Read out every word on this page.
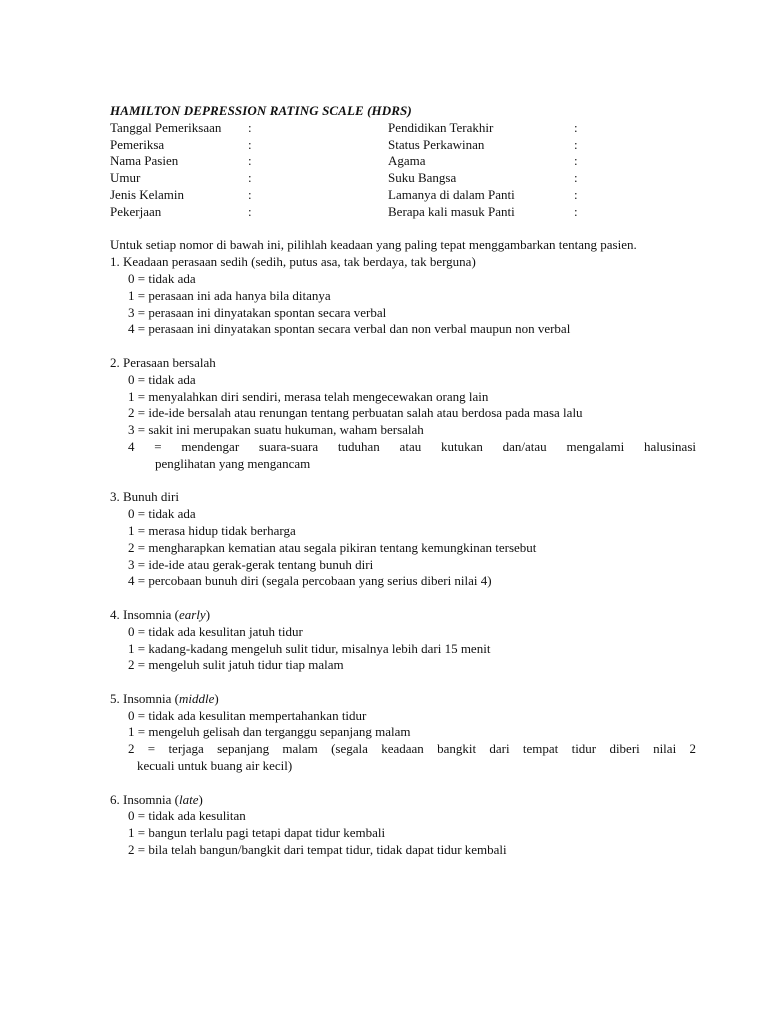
HAMILTON DEPRESSION RATING SCALE (HDRS)
Tanggal Pemeriksaan	:	Pendidikan Terakhir	:
Pemeriksa	:	Status Perkawinan	:
Nama Pasien	:	Agama	:
Umur	:	Suku Bangsa	:
Jenis Kelamin	:	Lamanya di dalam Panti	:
Pekerjaan	:	Berapa kali masuk Panti	:
Untuk setiap nomor di bawah ini, pilihlah keadaan yang paling tepat menggambarkan tentang pasien.
1. Keadaan perasaan sedih (sedih, putus asa, tak berdaya, tak berguna)
0 = tidak ada
1 = perasaan ini ada hanya bila ditanya
3 = perasaan ini dinyatakan spontan secara verbal
4 = perasaan ini dinyatakan spontan secara verbal dan non verbal maupun non verbal
2. Perasaan bersalah
0 = tidak ada
1 = menyalahkan diri sendiri, merasa telah mengecewakan orang lain
2 = ide-ide bersalah atau renungan tentang perbuatan salah atau berdosa pada masa lalu
3 = sakit ini merupakan suatu hukuman, waham bersalah
4 = mendengar suara-suara tuduhan atau kutukan dan/atau mengalami halusinasi
penglihatan yang mengancam
3. Bunuh diri
0 = tidak ada
1 = merasa hidup tidak berharga
2 = mengharapkan kematian atau segala pikiran tentang kemungkinan tersebut
3 = ide-ide atau gerak-gerak tentang bunuh diri
4 = percobaan bunuh diri (segala percobaan yang serius diberi nilai 4)
4. Insomnia (early)
0 = tidak ada kesulitan jatuh tidur
1 = kadang-kadang mengeluh sulit tidur, misalnya lebih dari 15 menit
2 = mengeluh sulit jatuh tidur tiap malam
5. Insomnia (middle)
0 = tidak ada kesulitan mempertahankan tidur
1 = mengeluh gelisah dan terganggu sepanjang malam
2 = terjaga sepanjang malam (segala keadaan bangkit dari tempat tidur diberi nilai 2
kecuali untuk buang air kecil)
6. Insomnia (late)
0 = tidak ada kesulitan
1 = bangun terlalu pagi tetapi dapat tidur kembali
2 = bila telah bangun/bangkit dari tempat tidur, tidak dapat tidur kembali
